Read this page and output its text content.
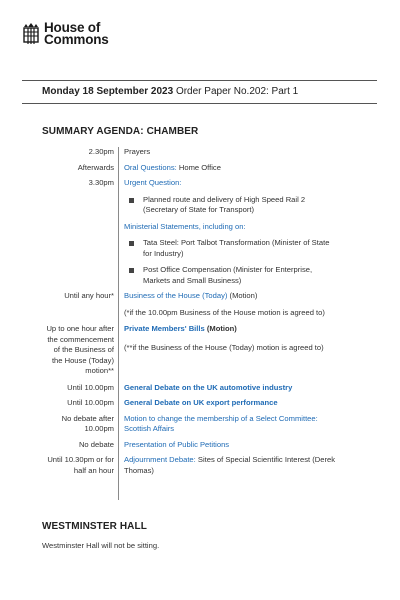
House of
Commons
Monday 18 September 2023 Order Paper No.202: Part 1
SUMMARY AGENDA: CHAMBER
2.30pm Prayers
Afterwards Oral Questions: Home Office
3.30pm Urgent Question:
Planned route and delivery of High Speed Rail 2 (Secretary of State for Transport)
Ministerial Statements, including on:
Tata Steel: Port Talbot Transformation (Minister of State for Industry)
Post Office Compensation (Minister for Enterprise, Markets and Small Business)
Until any hour* Business of the House (Today) (Motion)
(*if the 10.00pm Business of the House motion is agreed to)
Up to one hour after the commencement of the Business of the House (Today) motion**
Private Members' Bills (Motion)
(**if the Business of the House (Today) motion is agreed to)
Until 10.00pm General Debate on the UK automotive industry
Until 10.00pm General Debate on UK export performance
No debate after 10.00pm
Motion to change the membership of a Select Committee: Scottish Affairs
No debate Presentation of Public Petitions
Until 10.30pm or for half an hour
Adjournment Debate: Sites of Special Scientific Interest (Derek Thomas)
WESTMINSTER HALL
Westminster Hall will not be sitting.
